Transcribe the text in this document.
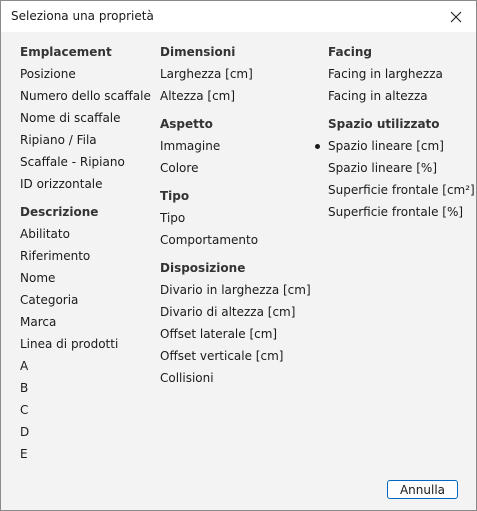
Seleziona una proprietà
Emplacement
Posizione
Numero dello scaffale
Nome di scaffale
Ripiano / Fila
Scaffale - Ripiano
ID orizzontale
Descrizione
Abilitato
Riferimento
Nome
Categoria
Marca
Linea di prodotti
A
B
C
D
E
Dimensioni
Larghezza [cm]
Altezza [cm]
Aspetto
Immagine
Colore
Tipo
Tipo
Comportamento
Disposizione
Divario in larghezza [cm]
Divario di altezza [cm]
Offset laterale [cm]
Offset verticale [cm]
Collisioni
Facing
Facing in larghezza
Facing in altezza
Spazio utilizzato
Spazio lineare [cm]
Spazio lineare [%]
Superficie frontale [cm²]
Superficie frontale [%]
Annulla
